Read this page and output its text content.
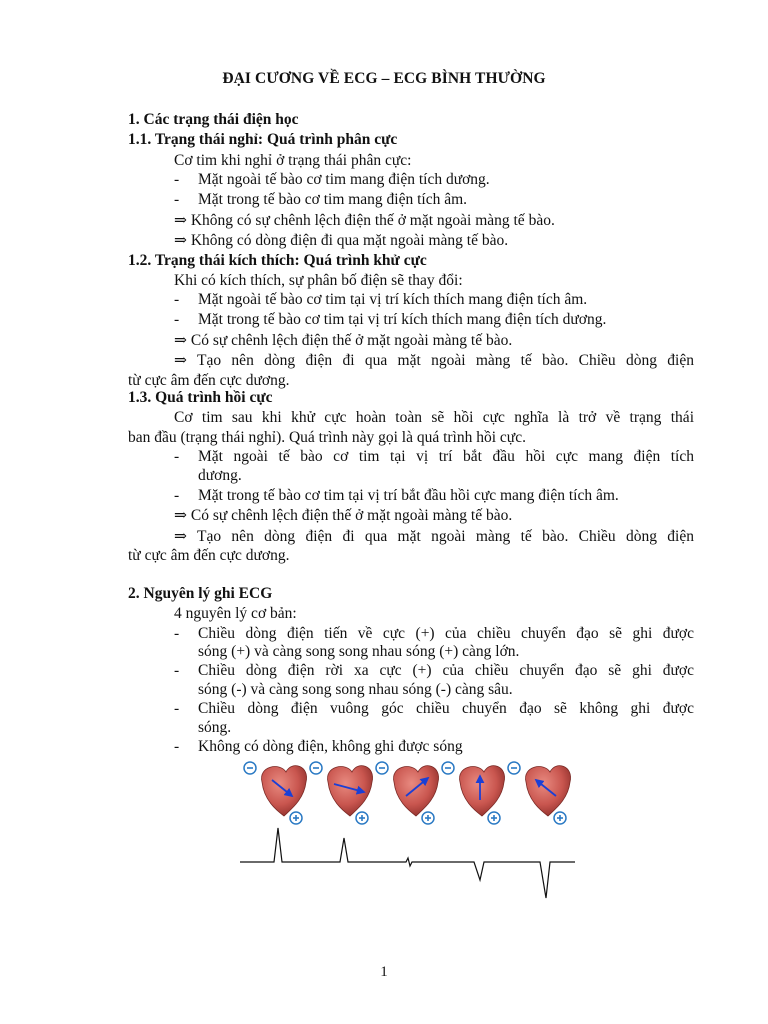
ĐẠI CƯƠNG VỀ ECG – ECG BÌNH THƯỜNG
1. Các trạng thái điện học
1.1. Trạng thái nghỉ: Quá trình phân cực
Cơ tim khi nghỉ ở trạng thái phân cực:
- Mặt ngoài tế bào cơ tim mang điện tích dương.
- Mặt trong tế bào cơ tim mang điện tích âm.
⇒ Không có sự chênh lệch điện thế ở mặt ngoài màng tế bào.
⇒ Không có dòng điện đi qua mặt ngoài màng tế bào.
1.2. Trạng thái kích thích: Quá trình khử cực
Khi có kích thích, sự phân bố điện sẽ thay đổi:
- Mặt ngoài tế bào cơ tim tại vị trí kích thích mang điện tích âm.
- Mặt trong tế bào cơ tim tại vị trí kích thích mang điện tích dương.
⇒ Có sự chênh lệch điện thế ở mặt ngoài màng tế bào.
⇒ Tạo nên dòng điện đi qua mặt ngoài màng tế bào. Chiều dòng điện
từ cực âm đến cực dương.
1.3. Quá trình hồi cực
Cơ tim sau khi khử cực hoàn toàn sẽ hồi cực nghĩa là trở về trạng thái
ban đầu (trạng thái nghỉ). Quá trình này gọi là quá trình hồi cực.
- Mặt ngoài tế bào cơ tim tại vị trí bắt đầu hồi cực mang điện tích
dương.
- Mặt trong tế bào cơ tim tại vị trí bắt đầu hồi cực mang điện tích âm.
⇒ Có sự chênh lệch điện thế ở mặt ngoài màng tế bào.
⇒ Tạo nên dòng điện đi qua mặt ngoài màng tế bào. Chiều dòng điện
từ cực âm đến cực dương.
2. Nguyên lý ghi ECG
4 nguyên lý cơ bản:
- Chiều dòng điện tiến về cực (+) của chiều chuyển đạo sẽ ghi được
sóng (+) và càng song song nhau sóng (+) càng lớn.
- Chiều dòng điện rời xa cực (+) của chiều chuyển đạo sẽ ghi được
sóng (-) và càng song song nhau sóng (-) càng sâu.
- Chiều dòng điện vuông góc chiều chuyển đạo sẽ không ghi được
sóng.
- Không có dòng điện, không ghi được sóng
1
